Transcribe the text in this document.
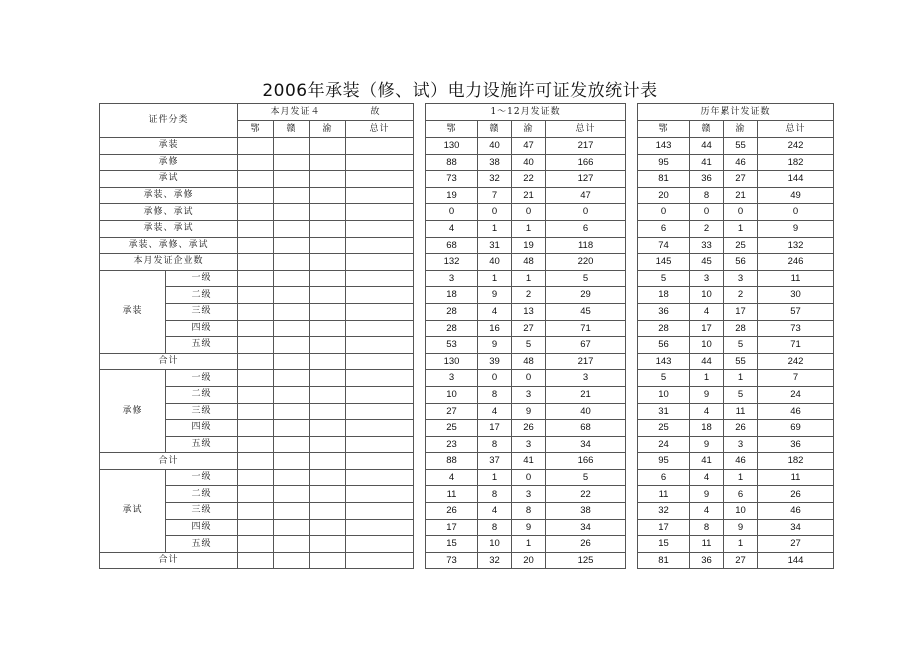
2006年承装（修、试）电力设施许可证发放统计表
证件分类		本月发证４　　　　　故					1～12月发证数					历年累计发证数			
		鄂	赣	渝	总计		鄂	赣	渝	总计		鄂	赣	渝	总计
承装							130	40	47	217		143	44	55	242
承修							88	38	40	166		95	41	46	182
承试							73	32	22	127		81	36	27	144
承装、承修							19	7	21	47		20	8	21	49
承修、承试							0	0	0	0		0	0	0	0
承装、承试							4	1	1	6		6	2	1	9
承装、承修、承试							68	31	19	118		74	33	25	132
本月发证企业数							132	40	48	220		145	45	56	246
承装	一级						3	1	1	5		5	3	3	11
	二级						18	9	2	29		18	10	2	30
	三级						28	4	13	45		36	4	17	57
	四级						28	16	27	71		28	17	28	73
	五级						53	9	5	67		56	10	5	71
合计							130	39	48	217		143	44	55	242
承修	一级						3	0	0	3		5	1	1	7
	二级						10	8	3	21		10	9	5	24
	三级						27	4	9	40		31	4	11	46
	四级						25	17	26	68		25	18	26	69
	五级						23	8	3	34		24	9	3	36
合计							88	37	41	166		95	41	46	182
承试	一级						4	1	0	5		6	4	1	11
	二级						11	8	3	22		11	9	6	26
	三级						26	4	8	38		32	4	10	46
	四级						17	8	9	34		17	8	9	34
	五级						15	10	1	26		15	11	1	27
合计							73	32	20	125		81	36	27	144
